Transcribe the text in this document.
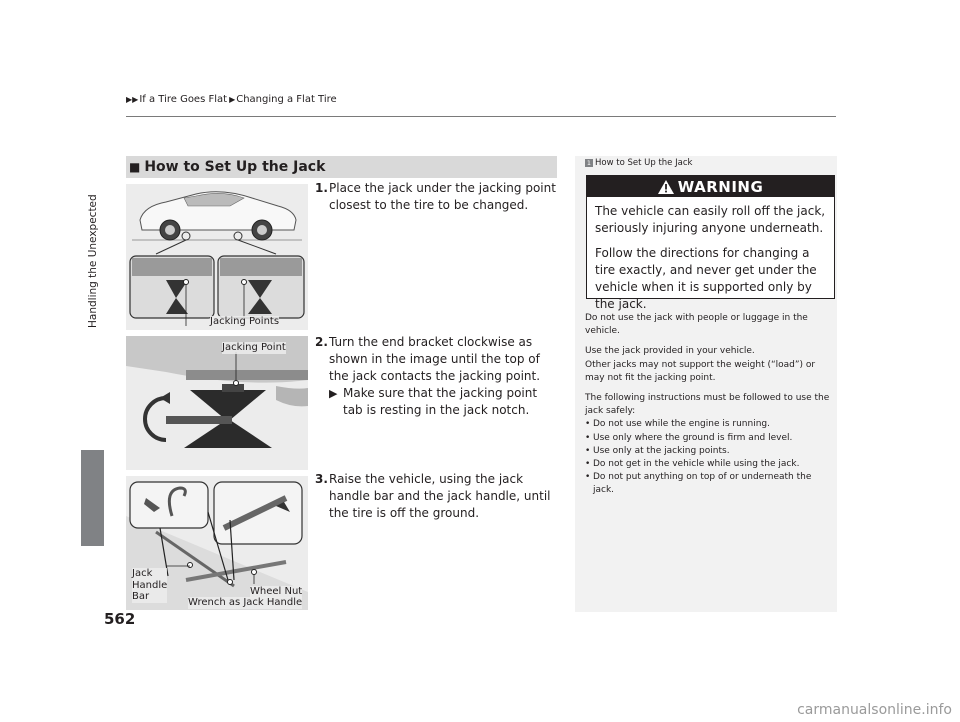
▶▶ If a Tire Goes Flat ▶ Changing a Flat Tire
Handling the Unexpected
562
■ How to Set Up the Jack
Jacking Points
Jacking Point
Jack
Handle
Bar	Wheel Nut
Wrench as Jack Handle
1. Place the jack under the jacking point closest to the tire to be changed.
2. Turn the end bracket clockwise as shown in the image until the top of the jack contacts the jacking point.
▶ Make sure that the jacking point tab is resting in the jack notch.
3. Raise the vehicle, using the jack handle bar and the jack handle, until the tire is off the ground.
1 How to Set Up the Jack
WARNING

The vehicle can easily roll off the jack, seriously injuring anyone underneath.

Follow the directions for changing a tire exactly, and never get under the vehicle when it is supported only by the jack.

Do not use the jack with people or luggage in the vehicle.

Use the jack provided in your vehicle.
Other jacks may not support the weight (“load”) or may not fit the jacking point.

The following instructions must be followed to use the jack safely:

• Do not use while the engine is running.
• Use only where the ground is firm and level.
• Use only at the jacking points.
• Do not get in the vehicle while using the jack.
• Do not put anything on top of or underneath the jack.
carmanualsonline.info
